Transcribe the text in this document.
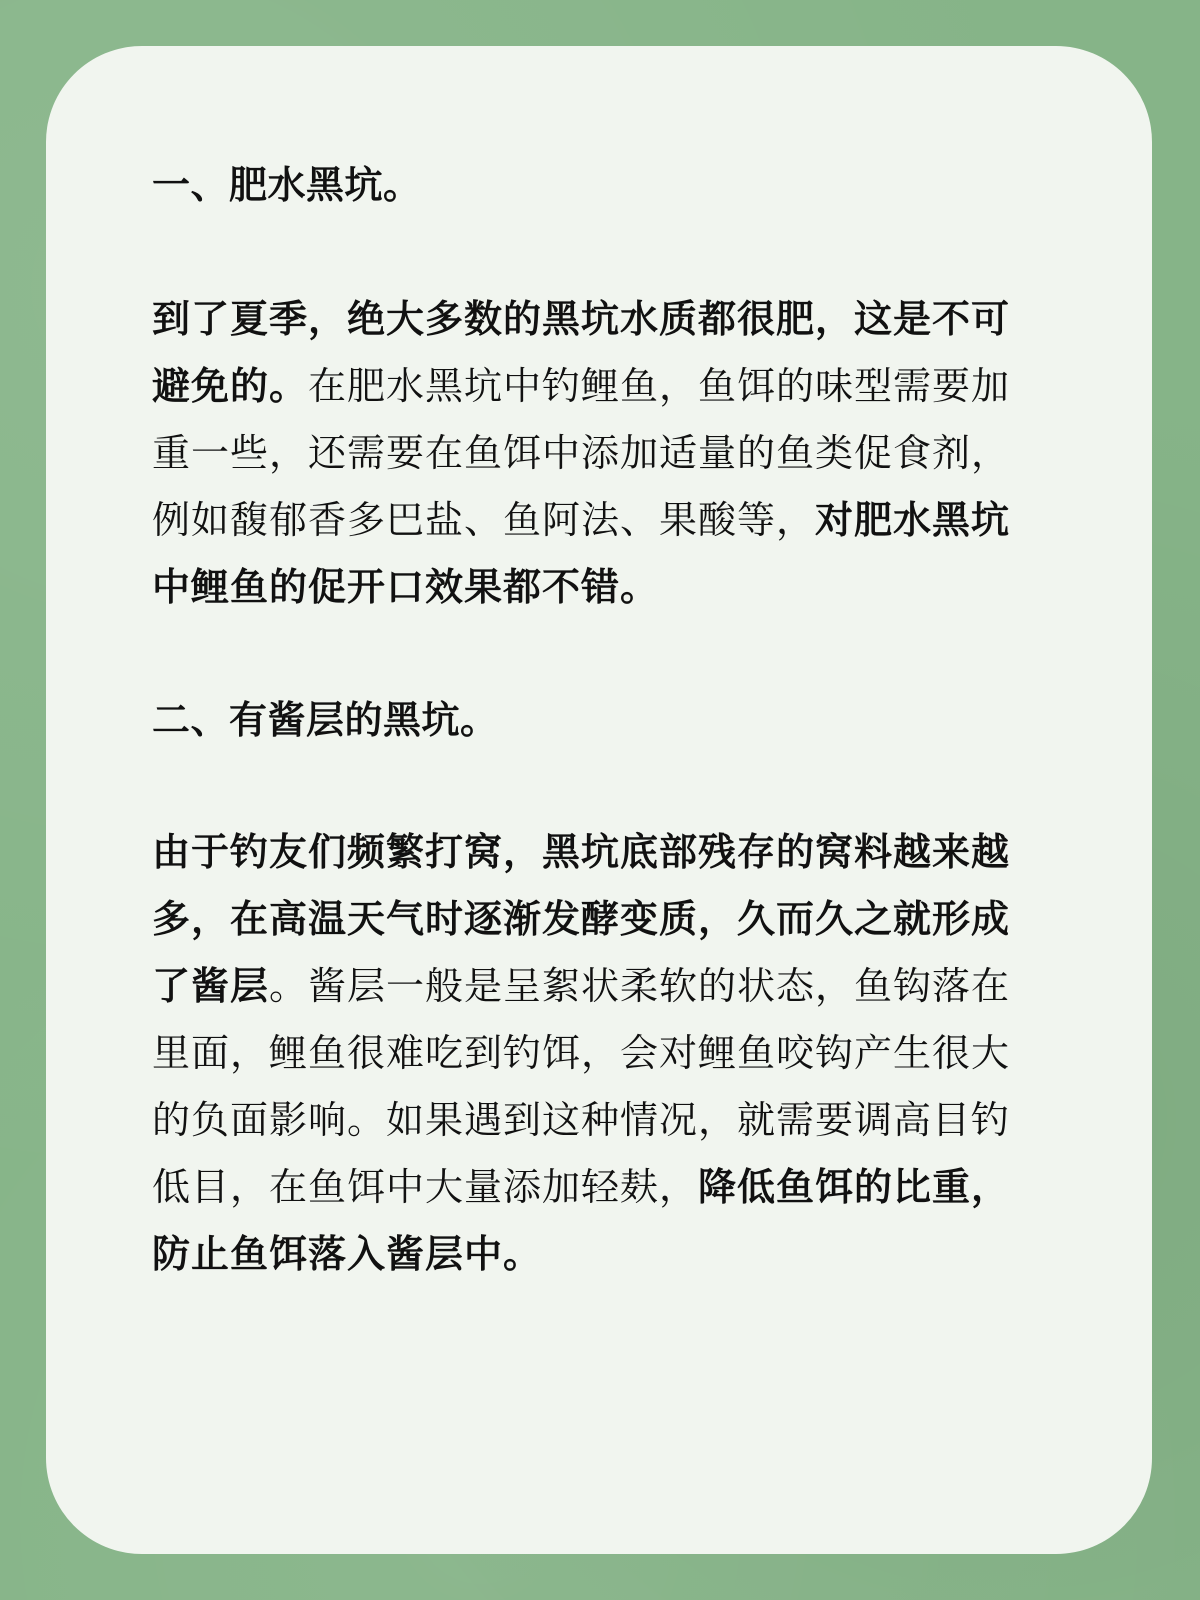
一、肥水黑坑。

到了夏季，绝大多数的黑坑水质都很肥，这是不可避免的。在肥水黑坑中钓鲤鱼，鱼饵的味型需要加重一些，还需要在鱼饵中添加适量的鱼类促食剂，例如馥郁香多巴盐、鱼阿法、果酸等，对肥水黑坑中鲤鱼的促开口效果都不错。

二、有酱层的黑坑。

由于钓友们频繁打窝，黑坑底部残存的窝料越来越多，在高温天气时逐渐发酵变质，久而久之就形成了酱层。酱层一般是呈絮状柔软的状态，鱼钩落在里面，鲤鱼很难吃到钓饵，会对鲤鱼咬钩产生很大的负面影响。如果遇到这种情况，就需要调高目钓低目，在鱼饵中大量添加轻麸，降低鱼饵的比重，防止鱼饵落入酱层中。
